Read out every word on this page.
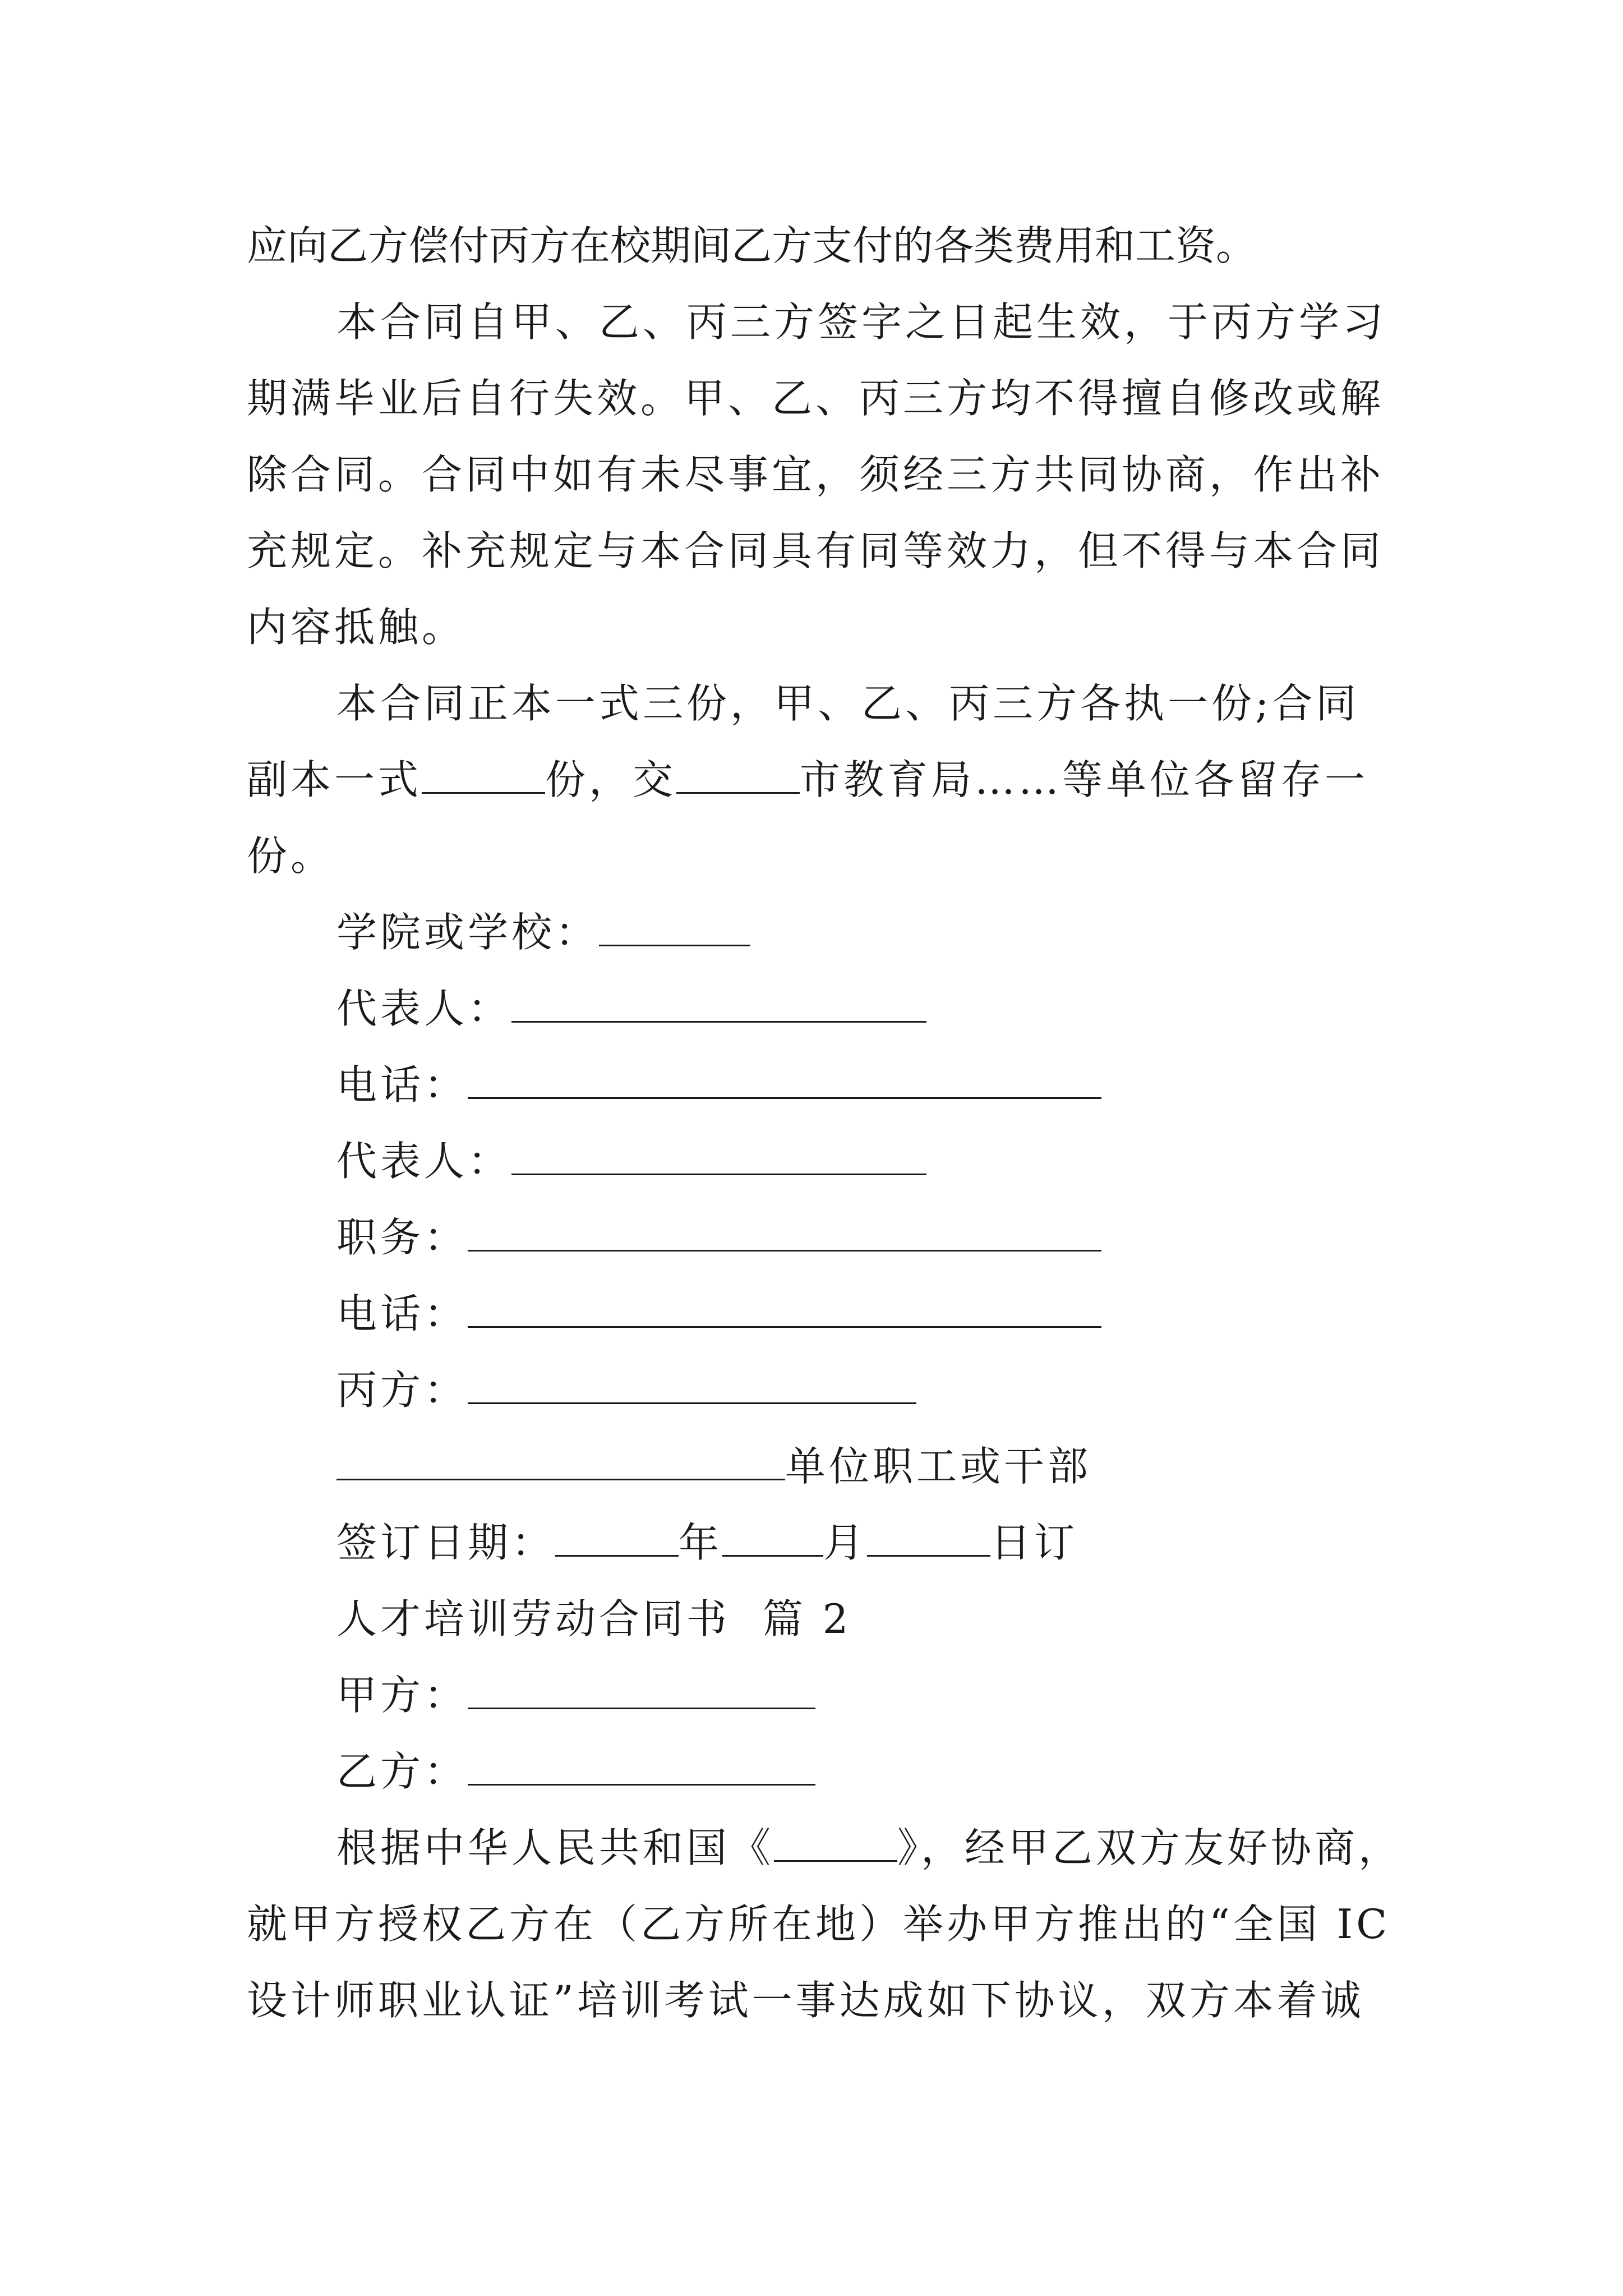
应向乙方偿付丙方在校期间乙方支付的各类费用和工资。
本合同自甲、乙、丙三方签字之日起生效，于丙方学习
期满毕业后自行失效。甲、乙、丙三方均不得擅自修改或解
除合同。合同中如有未尽事宜，须经三方共同协商，作出补
充规定。补充规定与本合同具有同等效力，但不得与本合同
内容抵触。
本合同正本一式三份，甲、乙、丙三方各执一份;合同
副本一式	份，交	市教育局……等单位各留存一
份。
学院或学校：
代表人：
电话：
代表人：
职务：
电话：
丙方：
单位职工或干部
签订日期：	年	月	日订
人才培训劳动合同书  篇 2
甲方：
乙方：
根据中华人民共和国《	》，经甲乙双方友好协商，
就甲方授权乙方在（乙方所在地）举办甲方推出的“全国 IC
设计师职业认证”培训考试一事达成如下协议，双方本着诚
